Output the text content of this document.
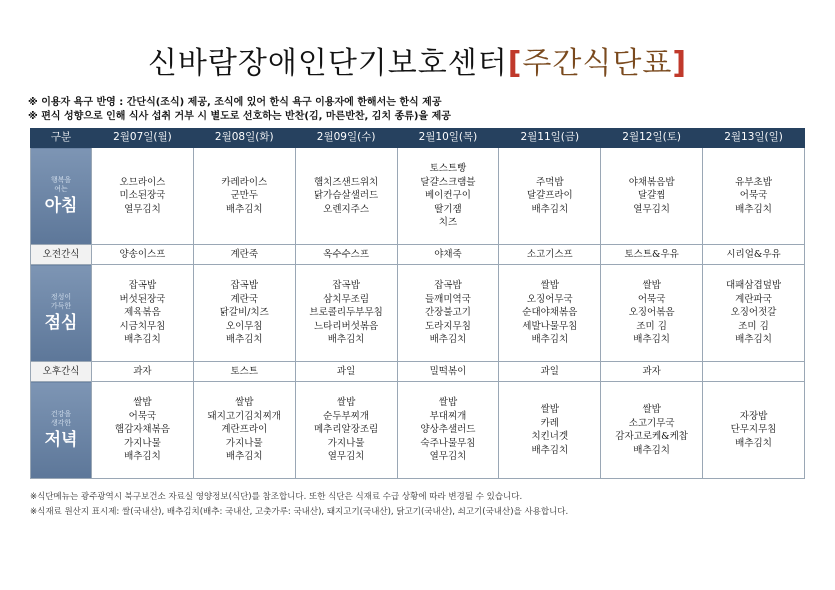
신바람장애인단기보호센터[주간식단표]
※ 이용자 욕구 반영 : 간단식(조식) 제공, 조식에 있어 한식 욕구 이용자에 한해서는 한식 제공
※ 편식 성향으로 인해 식사 섭취 거부 시 별도로 선호하는 반찬(김, 마른반찬, 김치 종류)을 제공
구분	2월07일(월)	2월08일(화)	2월09일(수)	2월10일(목)	2월11일(금)	2월12일(토)	2월13일(일)

행복을
여는
아침	오므라이스
미소된장국
열무김치	카레라이스
군만두
배추김치	햄치즈샌드위치
닭가슴살샐러드
오렌지주스	토스트빵
달걀스크램블
베이컨구이
딸기잼
치즈	주먹밥
달걀프라이
배추김치	야채볶음밥
달걀찜
열무김치	유부초밥
어묵국
배추김치

오전간식	양송이스프	계란죽	옥수수스프	야채죽	소고기스프	토스트&우유	시리얼&우유

정성이
가득한
점심	잡곡밥
버섯된장국
제육볶음
시금치무침
배추김치	잡곡밥
계란국
닭갈비/치즈
오이무침
배추김치	잡곡밥
삼치무조림
브로콜리두부무침
느타리버섯볶음
배추김치	잡곡밥
들깨미역국
간장불고기
도라지무침
배추김치	쌀밥
오징어무국
순대야채볶음
세발나물무침
배추김치	쌀밥
어묵국
오징어볶음
조미 김
배추김치	대패삼겹덮밥
계란파국
오징어젓갈
조미 김
배추김치

오후간식	과자	토스트	과일	밀떡볶이	과일	과자	

건강을
생각한
저녁	쌀밥
어묵국
햄감자채볶음
가지나물
배추김치	쌀밥
돼지고기김치찌개
계란프라이
가지나물
배추김치	쌀밥
순두부찌개
메추리알장조림
가지나물
열무김치	쌀밥
부대찌개
양상추샐러드
숙주나물무침
열무김치	쌀밥
카레
치킨너겟
배추김치	쌀밥
소고기무국
감자고로케&케찹
배추김치	자장밥
단무지무침
배추김치
※식단메뉴는 광주광역시 북구보건소 자료실 영양정보(식단)를 참조합니다. 또한 식단은 식재료 수급 상황에 따라 변경될 수 있습니다.
※식재료 원산지 표시제: 쌀(국내산), 배추김치(배추: 국내산, 고춧가루: 국내산), 돼지고기(국내산), 닭고기(국내산), 쇠고기(국내산)을 사용합니다.
